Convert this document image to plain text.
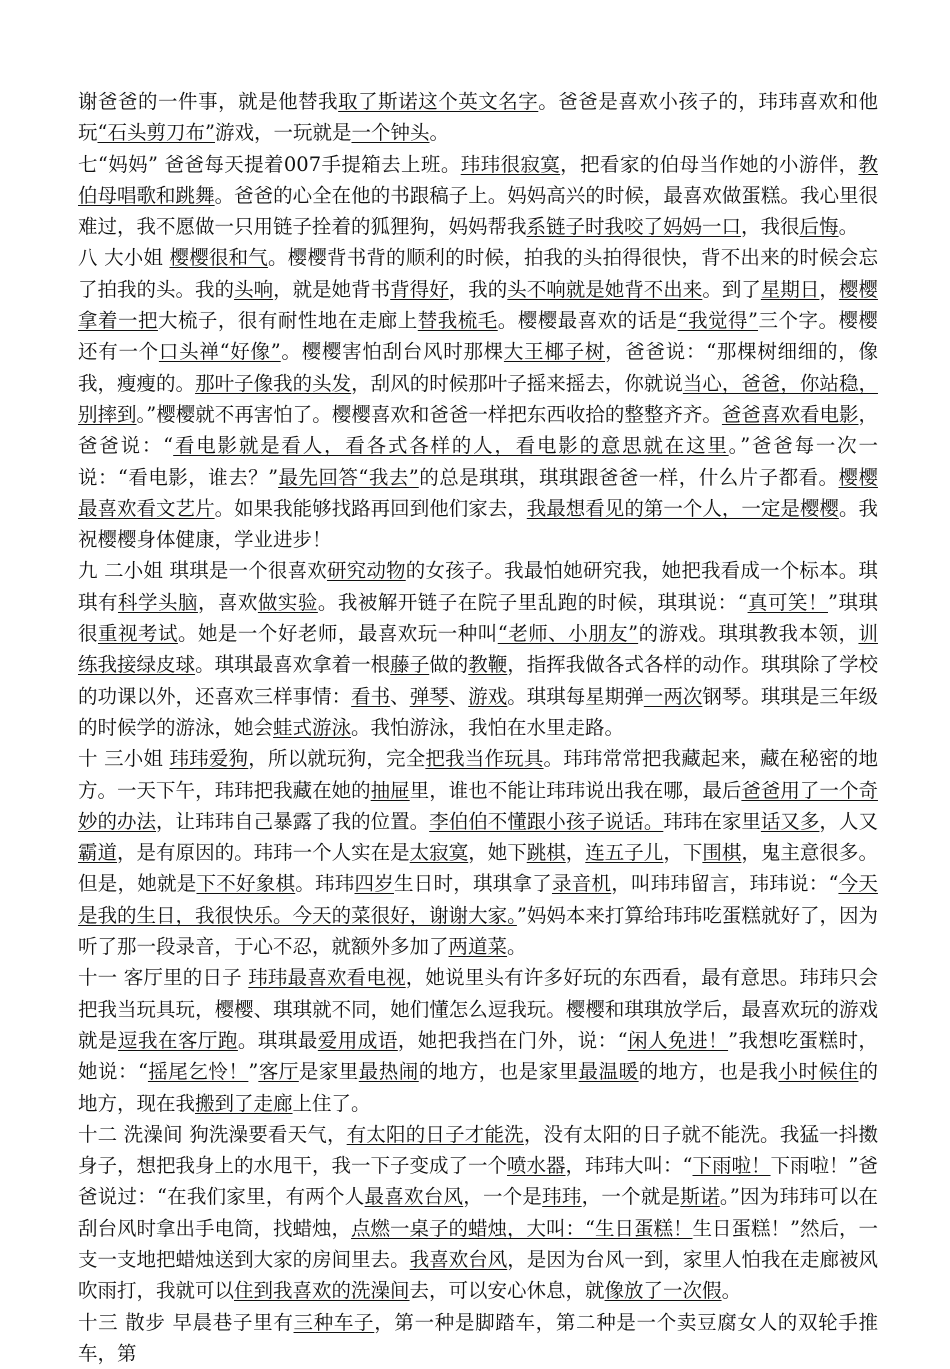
谢爸爸的一件事，就是他替我取了斯诺这个英文名字。爸爸是喜欢小孩子的，玮玮喜欢和他玩“石头剪刀布”游戏，一玩就是一个钟头。

七“妈妈” 爸爸每天提着007手提箱去上班。玮玮很寂寞，把看家的伯母当作她的小游伴，教伯母唱歌和跳舞。爸爸的心全在他的书跟稿子上。妈妈高兴的时候，最喜欢做蛋糕。我心里很难过，我不愿做一只用链子拴着的狐狸狗，妈妈帮我系链子时我咬了妈妈一口，我很后悔。

八 大小姐 樱樱很和气。樱樱背书背的顺利的时候，拍我的头拍得很快，背不出来的时候会忘了拍我的头。我的头响，就是她背书背得好，我的头不响就是她背不出来。到了星期日，樱樱拿着一把大梳子，很有耐性地在走廊上替我梳毛。樱樱最喜欢的话是“我觉得”三个字。樱樱还有一个口头禅“好像”。樱樱害怕刮台风时那棵大王椰子树，爸爸说：“那棵树细细的，像我，瘦瘦的。那叶子像我的头发，刮风的时候那叶子摇来摇去，你就说当心，爸爸，你站稳，别摔到。”樱樱就不再害怕了。樱樱喜欢和爸爸一样把东西收拾的整整齐齐。爸爸喜欢看电影，爸爸说：“看电影就是看人，看各式各样的人，看电影的意思就在这里。”爸爸每一次一说：“看电影，谁去？”最先回答“我去”的总是琪琪，琪琪跟爸爸一样，什么片子都看。樱樱最喜欢看文艺片。如果我能够找路再回到他们家去，我最想看见的第一个人，一定是樱樱。我祝樱樱身体健康，学业进步！

九 二小姐 琪琪是一个很喜欢研究动物的女孩子。我最怕她研究我，她把我看成一个标本。琪琪有科学头脑，喜欢做实验。我被解开链子在院子里乱跑的时候，琪琪说：“真可笑！”琪琪很重视考试。她是一个好老师，最喜欢玩一种叫“老师、小朋友”的游戏。琪琪教我本领，训练我接绿皮球。琪琪最喜欢拿着一根藤子做的教鞭，指挥我做各式各样的动作。琪琪除了学校的功课以外，还喜欢三样事情：看书、弹琴、游戏。琪琪每星期弹一两次钢琴。琪琪是三年级的时候学的游泳，她会蛙式游泳。我怕游泳，我怕在水里走路。

十 三小姐 玮玮爱狗，所以就玩狗，完全把我当作玩具。玮玮常常把我藏起来，藏在秘密的地方。一天下午，玮玮把我藏在她的抽屉里，谁也不能让玮玮说出我在哪，最后爸爸用了一个奇妙的办法，让玮玮自己暴露了我的位置。李伯伯不懂跟小孩子说话。玮玮在家里话又多，人又霸道，是有原因的。玮玮一个人实在是太寂寞，她下跳棋，连五子儿，下围棋，鬼主意很多。但是，她就是下不好象棋。玮玮四岁生日时，琪琪拿了录音机，叫玮玮留言，玮玮说：“今天是我的生日，我很快乐。今天的菜很好，谢谢大家。”妈妈本来打算给玮玮吃蛋糕就好了，因为听了那一段录音，于心不忍，就额外多加了两道菜。

十一 客厅里的日子 玮玮最喜欢看电视，她说里头有许多好玩的东西看，最有意思。玮玮只会把我当玩具玩，樱樱、琪琪就不同，她们懂怎么逗我玩。樱樱和琪琪放学后，最喜欢玩的游戏就是逗我在客厅跑。琪琪最爱用成语，她把我挡在门外，说：“闲人免进！”我想吃蛋糕时，她说：“摇尾乞怜！”客厅是家里最热闹的地方，也是家里最温暖的地方，也是我小时候住的地方，现在我搬到了走廊上住了。

十二 洗澡间 狗洗澡要看天气，有太阳的日子才能洗，没有太阳的日子就不能洗。我猛一抖擞身子，想把我身上的水甩干，我一下子变成了一个喷水器，玮玮大叫：“下雨啦！下雨啦！”爸爸说过：“在我们家里，有两个人最喜欢台风，一个是玮玮，一个就是斯诺。”因为玮玮可以在刮台风时拿出手电筒，找蜡烛，点燃一桌子的蜡烛，大叫：“生日蛋糕！生日蛋糕！”然后，一支一支地把蜡烛送到大家的房间里去。我喜欢台风，是因为台风一到，家里人怕我在走廊被风吹雨打，我就可以住到我喜欢的洗澡间去，可以安心休息，就像放了一次假。

十三 散步 早晨巷子里有三种车子，第一种是脚踏车，第二种是一个卖豆腐女人的双轮手推车，第
